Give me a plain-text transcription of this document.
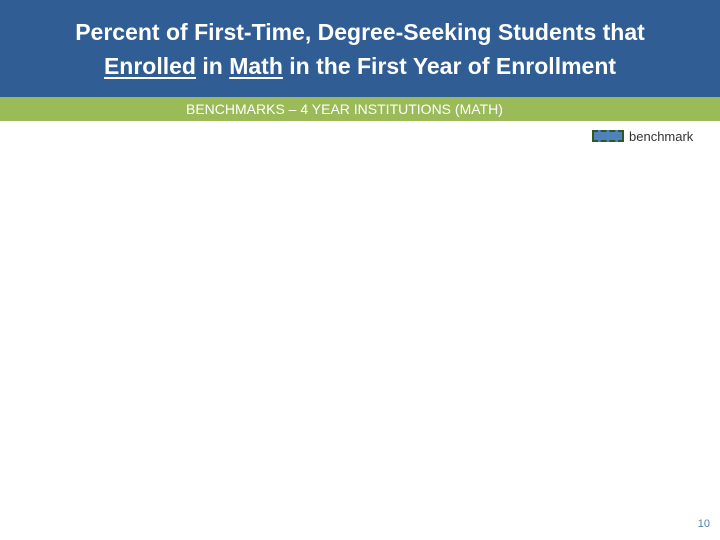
Percent of First-Time, Degree-Seeking Students that
Enrolled in Math in the First Year of Enrollment
BENCHMARKS – 4 YEAR INSTITUTIONS (MATH)
benchmark
10
